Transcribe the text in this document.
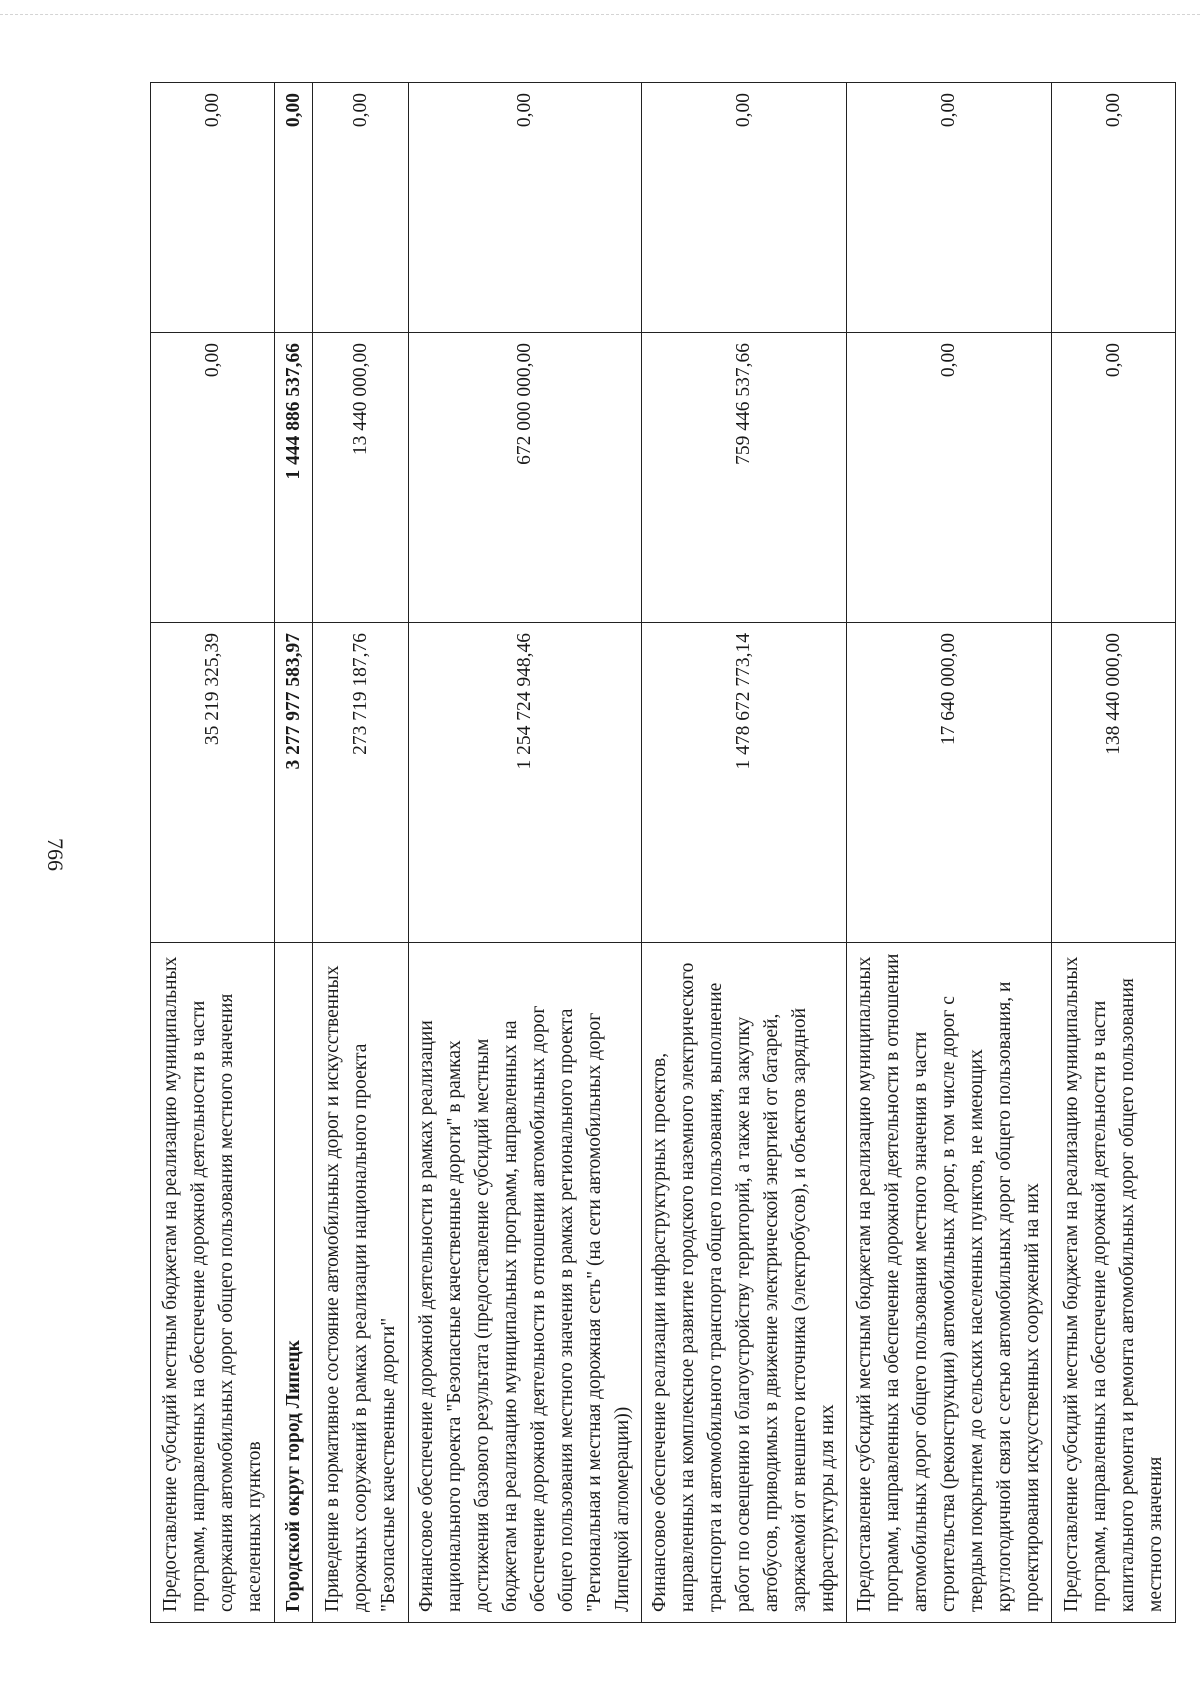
766
Предоставление субсидий местным бюджетам на реализацию муниципальных программ, направленных на обеспечение дорожной деятельности в части содержания автомобильных дорог общего пользования местного значения населенных пунктов	35 219 325,39	0,00	0,00
Городской округ город Липецк	3 277 977 583,97	1 444 886 537,66	0,00
Приведение в нормативное состояние автомобильных дорог и искусственных дорожных сооружений в рамках реализации национального проекта "Безопасные качественные дороги"	273 719 187,76	13 440 000,00	0,00
Финансовое обеспечение дорожной деятельности в рамках реализации национального проекта "Безопасные качественные дороги" в рамках достижения базового результата (предоставление субсидий местным бюджетам на реализацию муниципальных программ, направленных на обеспечение дорожной деятельности в отношении автомобильных дорог общего пользования местного значения в рамках регионального проекта "Региональная и местная дорожная сеть" (на сети автомобильных дорог Липецкой агломерации))	1 254 724 948,46	672 000 000,00	0,00
Финансовое обеспечение реализации инфраструктурных проектов, направленных на комплексное развитие городского наземного электрического транспорта и автомобильного транспорта общего пользования, выполнение работ по освещению и благоустройству территорий, а также на закупку автобусов, приводимых в движение электрической энергией от батарей, заряжаемой от внешнего источника (электробусов), и объектов зарядной инфраструктуры для них	1 478 672 773,14	759 446 537,66	0,00
Предоставление субсидий местным бюджетам на реализацию муниципальных программ, направленных на обеспечение дорожной деятельности в отношении автомобильных дорог общего пользования местного значения в части строительства (реконструкции) автомобильных дорог, в том числе дорог с твердым покрытием до сельских населенных пунктов, не имеющих круглогодичной связи с сетью автомобильных дорог общего пользования, и проектирования искусственных сооружений на них	17 640 000,00	0,00	0,00
Предоставление субсидий местным бюджетам на реализацию муниципальных программ, направленных на обеспечение дорожной деятельности в части капитального ремонта и ремонта автомобильных дорог общего пользования местного значения	138 440 000,00	0,00	0,00
